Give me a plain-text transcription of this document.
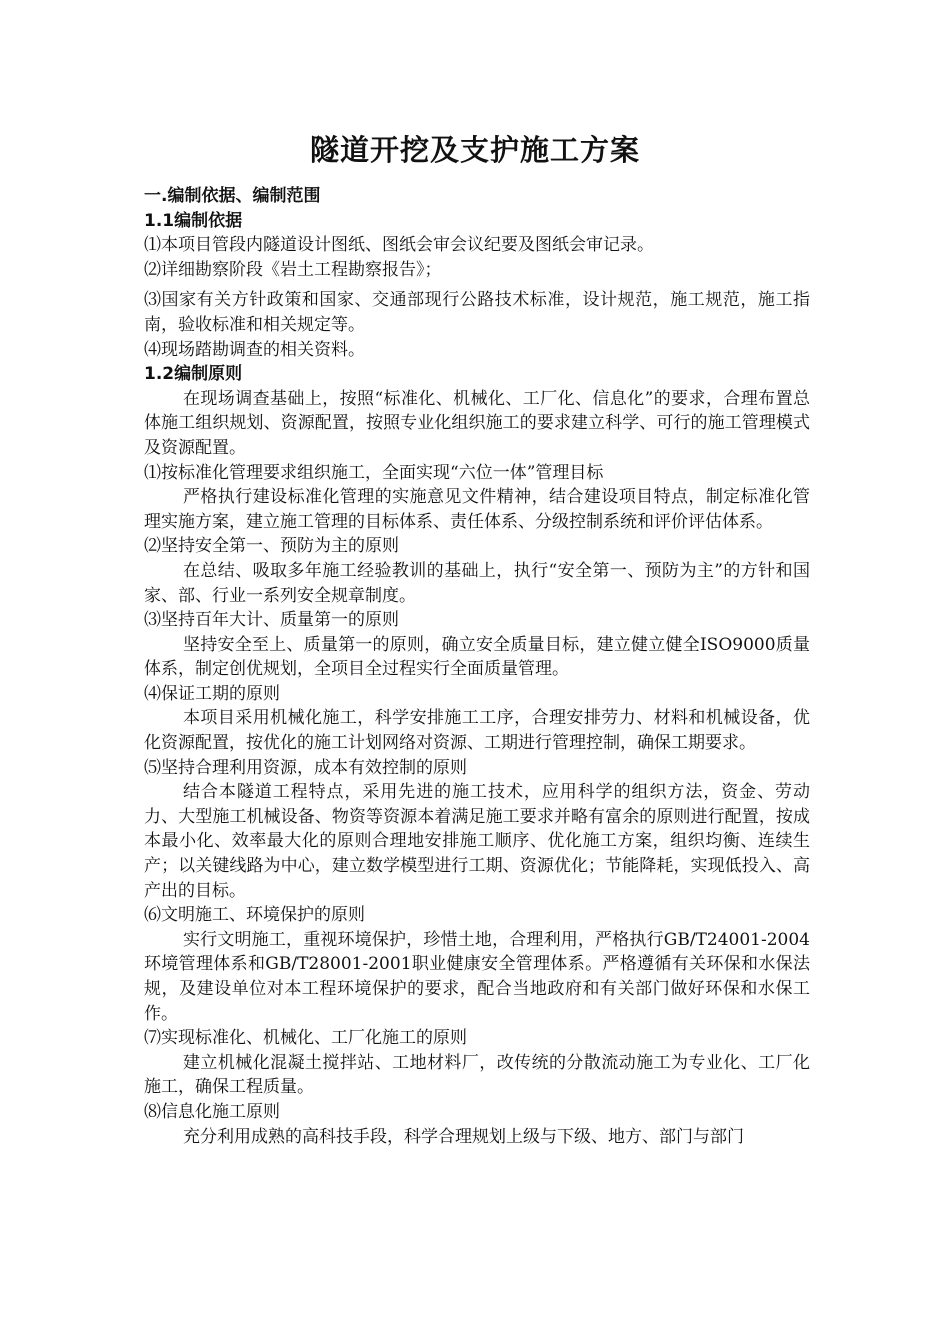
隧道开挖及支护施工方案

一.编制依据、编制范围

1.1编制依据

⑴本项目管段内隧道设计图纸、图纸会审会议纪要及图纸会审记录。

⑵详细勘察阶段《岩土工程勘察报告》；

⑶国家有关方针政策和国家、交通部现行公路技术标准，设计规范，施工规范，施工指南，验收标准和相关规定等。

⑷现场踏勘调查的相关资料。

1.2编制原则

在现场调查基础上，按照“标准化、机械化、工厂化、信息化”的要求，合理布置总体施工组织规划、资源配置，按照专业化组织施工的要求建立科学、可行的施工管理模式及资源配置。

⑴按标准化管理要求组织施工，全面实现“六位一体”管理目标

严格执行建设标准化管理的实施意见文件精神，结合建设项目特点，制定标准化管理实施方案，建立施工管理的目标体系、责任体系、分级控制系统和评价评估体系。

⑵坚持安全第一、预防为主的原则

在总结、吸取多年施工经验教训的基础上，执行“安全第一、预防为主”的方针和国家、部、行业一系列安全规章制度。

⑶坚持百年大计、质量第一的原则

坚持安全至上、质量第一的原则，确立安全质量目标，建立健立健全ISO9000质量体系，制定创优规划，全项目全过程实行全面质量管理。

⑷保证工期的原则

本项目采用机械化施工，科学安排施工工序，合理安排劳力、材料和机械设备，优化资源配置，按优化的施工计划网络对资源、工期进行管理控制，确保工期要求。

⑸坚持合理利用资源，成本有效控制的原则

结合本隧道工程特点，采用先进的施工技术，应用科学的组织方法，资金、劳动力、大型施工机械设备、物资等资源本着满足施工要求并略有富余的原则进行配置，按成本最小化、效率最大化的原则合理地安排施工顺序、优化施工方案，组织均衡、连续生产；以关键线路为中心，建立数学模型进行工期、资源优化；节能降耗，实现低投入、高产出的目标。

⑹文明施工、环境保护的原则

实行文明施工，重视环境保护，珍惜土地，合理利用，严格执行GB/T24001-2004环境管理体系和GB/T28001-2001职业健康安全管理体系。严格遵循有关环保和水保法规，及建设单位对本工程环境保护的要求，配合当地政府和有关部门做好环保和水保工作。

⑺实现标准化、机械化、工厂化施工的原则

建立机械化混凝土搅拌站、工地材料厂，改传统的分散流动施工为专业化、工厂化施工，确保工程质量。

⑻信息化施工原则

充分利用成熟的高科技手段，科学合理规划上级与下级、地方、部门与部门
